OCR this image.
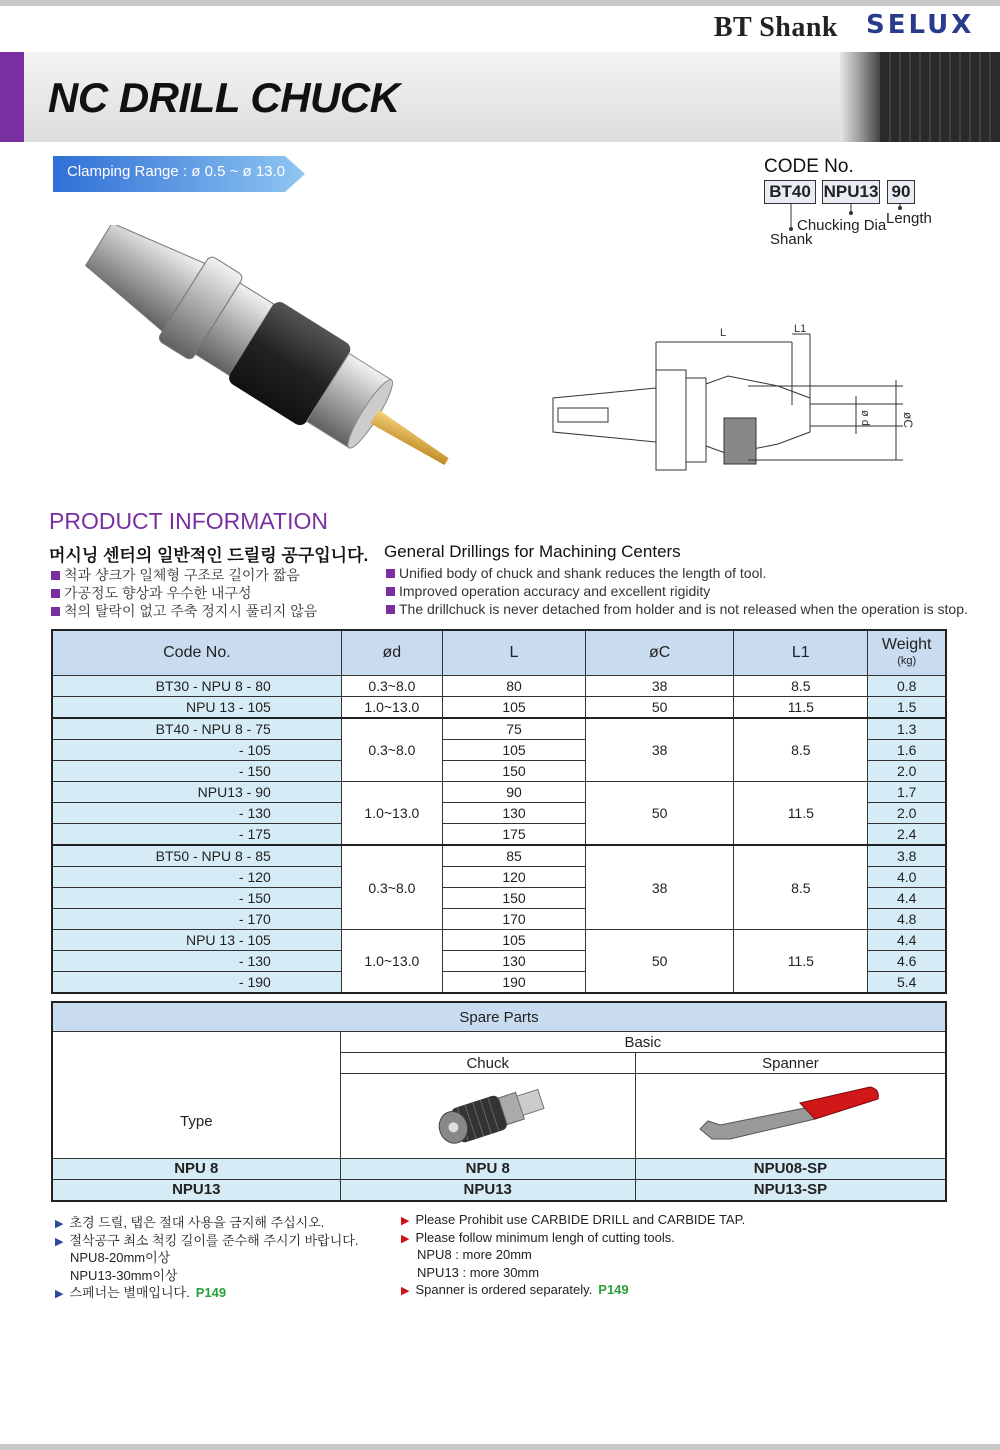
BT Shank SELUX
NC DRILL CHUCK
Clamping Range : ø 0.5 ~ ø 13.0	CODE No.
BT40 NPU13 90
Shank
Chucking Dia Length
L	L1
ø d	øC
PRODUCT INFORMATION
머시닝 센터의 일반적인 드릴링 공구입니다. General Drillings for Machining Centers
척과 샹크가 일체형 구조로 길이가 짧음
가공정도 향상과 우수한 내구성
척의 탈락이 없고 주축 정지시 풀리지 않음
Unified body of chuck and shank reduces the length of tool.
Improved operation accuracy and excellent rigidity
The drillchuck is never detached from holder and is not released when the operation is stop.
Code No.	ød	L	øC	L1	Weight
(kg)
BT30 - NPU 8 - 80	0.3~8.0	80	38	8.5	0.8
NPU 13 - 105	1.0~13.0	105	50	11.5	1.5
BT40 - NPU 8 - 75	0.3~8.0	75	38	8.5	1.3
- 105		105			1.6
- 150		150			2.0
NPU13 - 90	1.0~13.0	90	50	11.5	1.7
- 130		130			2.0
- 175		175			2.4
BT50 - NPU 8 - 85	0.3~8.0	85	38	8.5	3.8
- 120		120			4.0
- 150		150			4.4
- 170		170			4.8
NPU 13 - 105	1.0~13.0	105	50	11.5	4.4
- 130		130			4.6
- 190		190			5.4
Spare Parts		
Type	Basic	
	Chuck	Spanner

NPU 8	NPU 8	NPU08-SP
NPU13	NPU13	NPU13-SP
▶ 초경 드릴, 탭은 절대 사용을 금지해 주십시오.
▶ 절삭공구 최소 척킹 길이를 준수해 주시기 바랍니다.
NPU8-20mm이상
NPU13-30mm이상
▶ 스페너는 별매입니다. P149
▶ Please Prohibit use CARBIDE DRILL and CARBIDE TAP.
▶ Please follow minimum lengh of cutting tools.
NPU8 : more 20mm
NPU13 : more 30mm
▶ Spanner is ordered separately. P149
